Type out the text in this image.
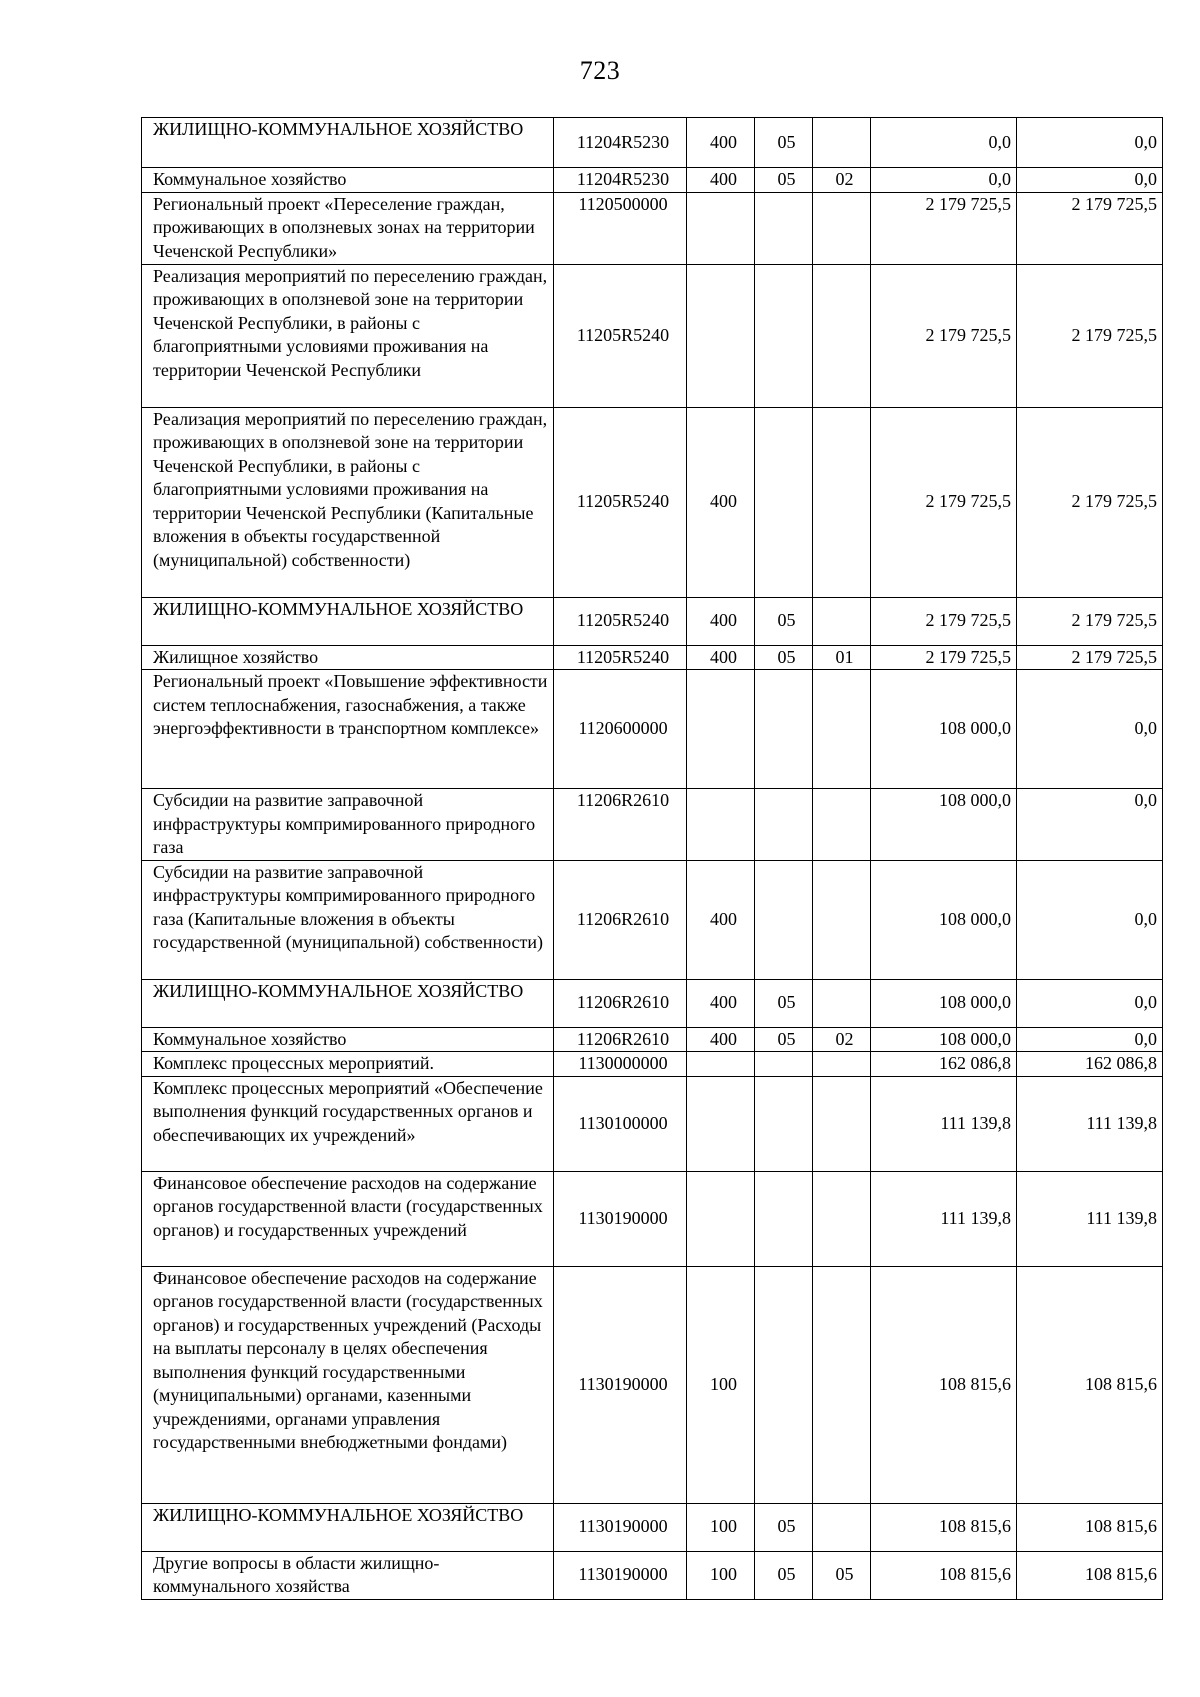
723
ЖИЛИЩНО-КОММУНАЛЬНОЕ ХОЗЯЙСТВО	11204R5230	400	05		0,0	0,0
Коммунальное хозяйство	11204R5230	400	05	02	0,0	0,0
Региональный проект «Переселение граждан, проживающих в оползневых зонах на территории Чеченской Республики»	1120500000				2 179 725,5	2 179 725,5
Реализация мероприятий по переселению граждан, проживающих в оползневой зоне на территории Чеченской Республики, в районы с благоприятными условиями проживания на территории Чеченской Республики	11205R5240				2 179 725,5	2 179 725,5
Реализация мероприятий по переселению граждан, проживающих в оползневой зоне на территории Чеченской Республики, в районы с благоприятными условиями проживания на территории Чеченской Республики (Капитальные вложения в объекты государственной (муниципальной) собственности)	11205R5240	400			2 179 725,5	2 179 725,5
ЖИЛИЩНО-КОММУНАЛЬНОЕ ХОЗЯЙСТВО	11205R5240	400	05		2 179 725,5	2 179 725,5
Жилищное хозяйство	11205R5240	400	05	01	2 179 725,5	2 179 725,5
Региональный проект «Повышение эффективности систем теплоснабжения, газоснабжения, а также энергоэффективности в транспортном комплексе»	1120600000				108 000,0	0,0
Субсидии на развитие заправочной инфраструктуры компримированного природного газа	11206R2610				108 000,0	0,0
Субсидии на развитие заправочной инфраструктуры компримированного природного газа (Капитальные вложения в объекты государственной (муниципальной) собственности)	11206R2610	400			108 000,0	0,0
ЖИЛИЩНО-КОММУНАЛЬНОЕ ХОЗЯЙСТВО	11206R2610	400	05		108 000,0	0,0
Коммунальное хозяйство	11206R2610	400	05	02	108 000,0	0,0
Комплекс процессных мероприятий.	1130000000				162 086,8	162 086,8
Комплекс процессных мероприятий «Обеспечение выполнения функций государственных органов и обеспечивающих их учреждений»	1130100000				111 139,8	111 139,8
Финансовое обеспечение расходов на содержание органов государственной власти (государственных органов) и государственных учреждений	1130190000				111 139,8	111 139,8
Финансовое обеспечение расходов на содержание органов государственной власти (государственных органов) и государственных учреждений (Расходы на выплаты персоналу в целях обеспечения выполнения функций государственными (муниципальными) органами, казенными учреждениями, органами управления государственными внебюджетными фондами)	1130190000	100			108 815,6	108 815,6
ЖИЛИЩНО-КОММУНАЛЬНОЕ ХОЗЯЙСТВО	1130190000	100	05		108 815,6	108 815,6
Другие вопросы в области жилищно-коммунального хозяйства	1130190000	100	05	05	108 815,6	108 815,6
